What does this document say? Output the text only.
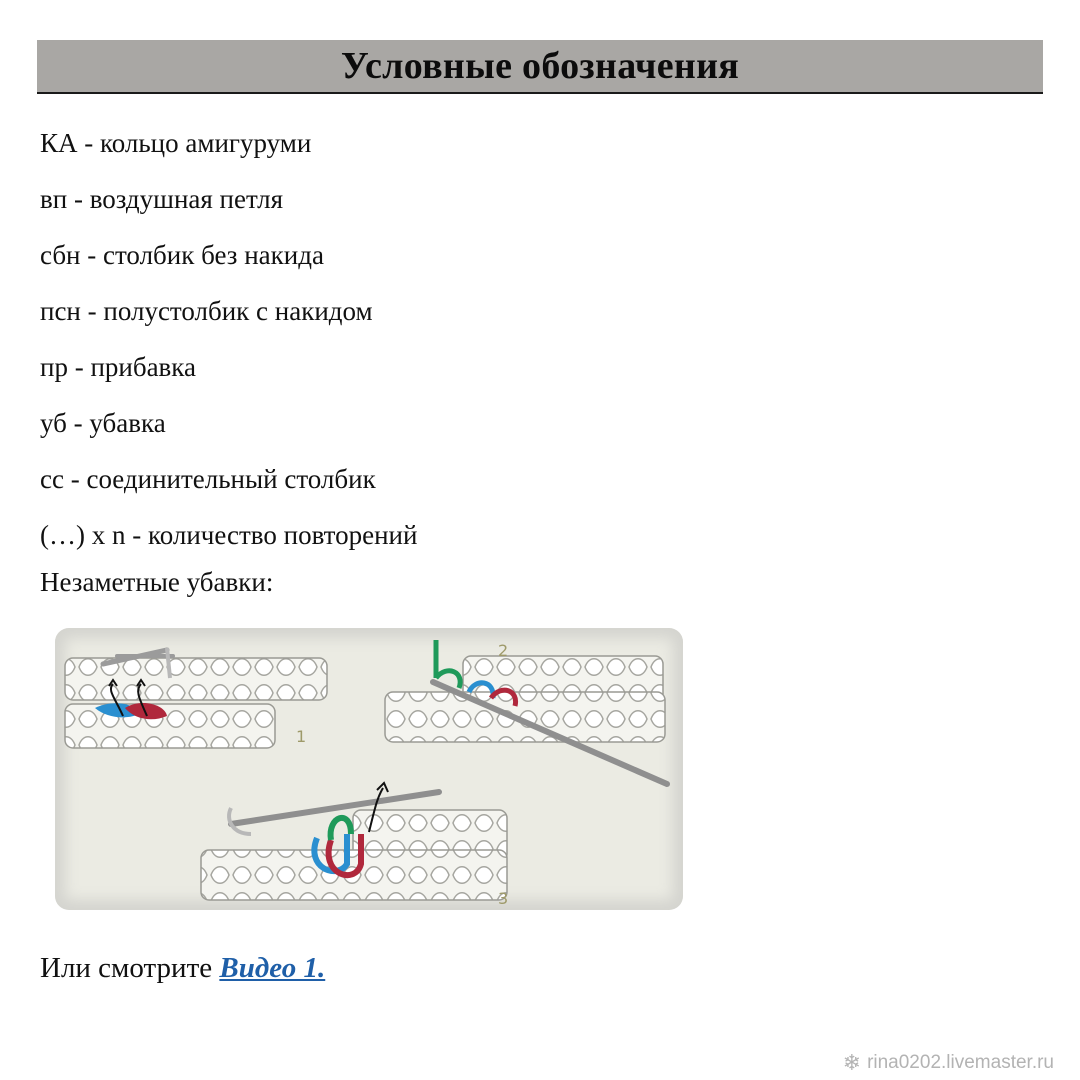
Условные обозначения
КА - кольцо амигуруми
вп - воздушная петля
сбн - столбик без накида
псн - полустолбик с накидом
пр - прибавка
уб - убавка
сс - соединительный столбик
(…) х n - количество повторений
Незаметные убавки:
1
2
3
Или смотрите Видео 1.
❄ rina0202.livemaster.ru
